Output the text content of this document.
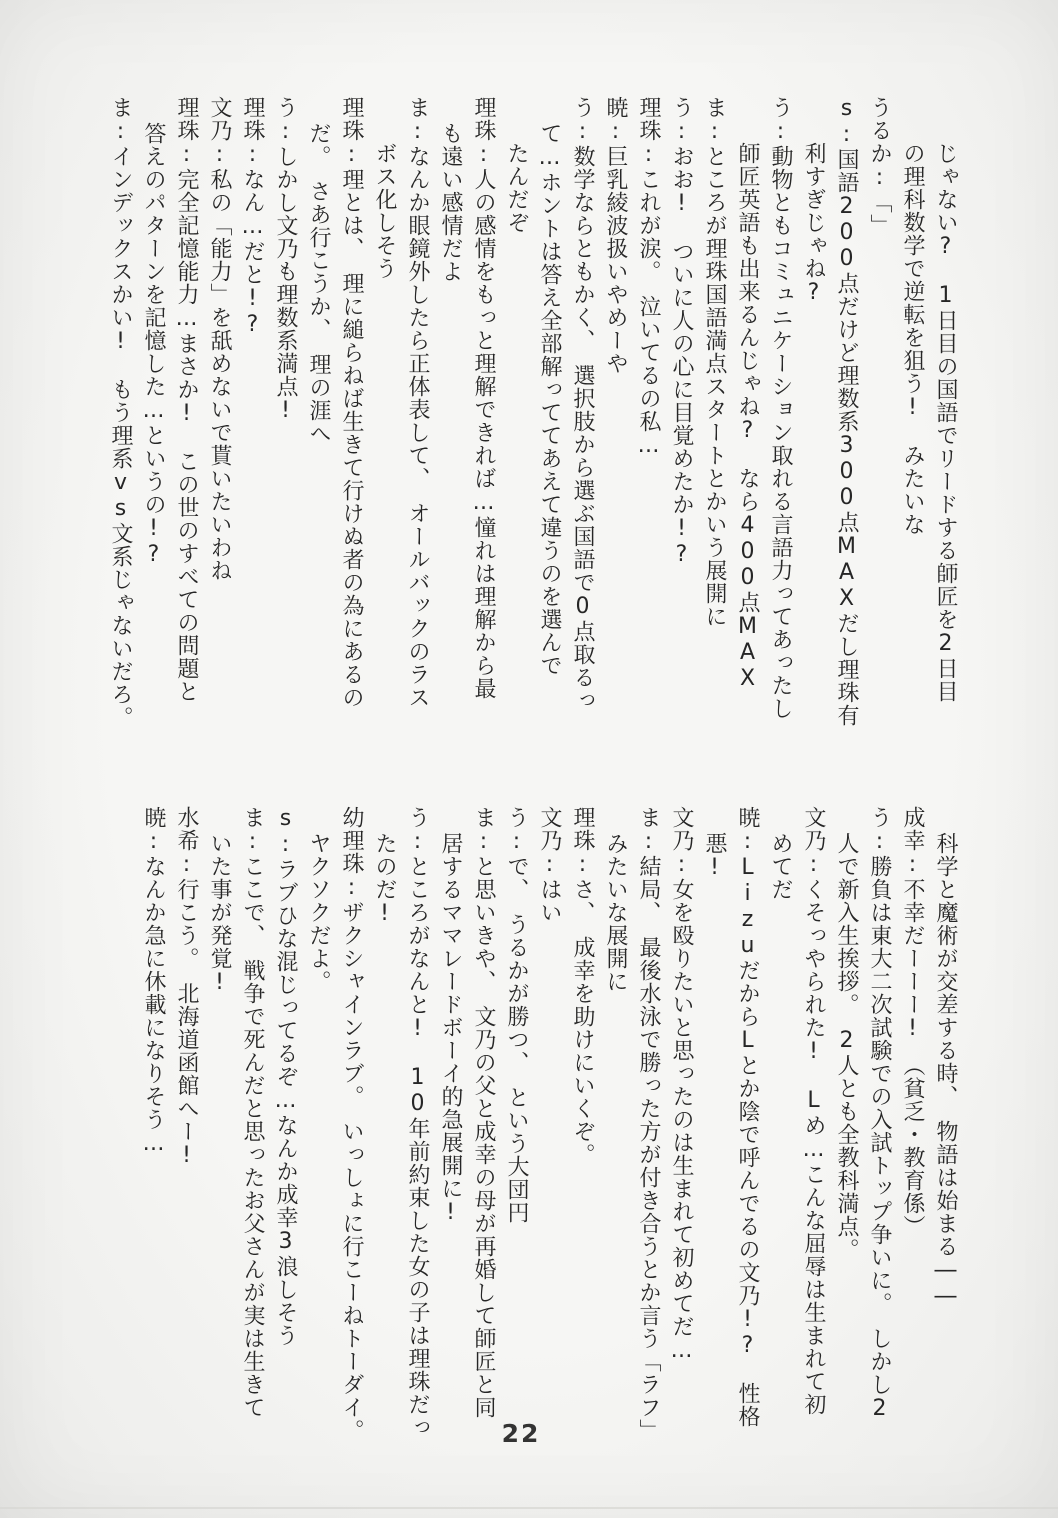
じゃない?　1日目の国語でリードする師匠を2日目
の理科数学で逆転を狙う!　みたいな
うるか:「」
s:国語200点だけど理数系300点MAXだし理珠有
利すぎじゃね?
う:動物ともコミュニケーション取れる言語力ってあったし
師匠英語も出来るんじゃね?　なら400点MAX
ま:ところが理珠国語満点スタートとかいう展開に
う:おお!　ついに人の心に目覚めたか!?
理珠:これが涙。　泣いてるの私…
暁:巨乳綾波扱いやめーや
う:数学ならともかく、　選択肢から選ぶ国語で0点取るっ
て…ホントは答え全部解っててあえて違うのを選んで
たんだぞ
理珠:人の感情をもっと理解できれば…憧れは理解から最
も遠い感情だよ
ま:なんか眼鏡外したら正体表して、　オールバックのラス
ボス化しそう
理珠:理とは、　理に縋らねば生きて行けぬ者の為にあるの
だ。　さあ行こうか、　理の涯へ
う:しかし文乃も理数系満点!
理珠:なん…だと!?
文乃:私の「能力」を舐めないで貰いたいわね
理珠:完全記憶能力…まさか!　この世のすべての問題と
答えのパターンを記憶した…というの!?
ま:インデックスかい!　もう理系vs文系じゃないだろ。
科学と魔術が交差する時、　物語は始まる――
成幸:不幸だーーー!　（貧乏・教育係）
う:勝負は東大二次試験での入試トップ争いに。　しかし2
人で新入生挨拶。　2人とも全教科満点。
文乃:くそっやられた!　Lめ…こんな屈辱は生まれて初
めてだ
暁:LizuだからLとか陰で呼んでるの文乃!?　性格
悪!
文乃:女を殴りたいと思ったのは生まれて初めてだ…
ま:結局、　最後水泳で勝った方が付き合うとか言う「ラフ」
みたいな展開に
理珠:さ、　成幸を助けにいくぞ。
文乃:はい
う:で、　うるかが勝つ、　という大団円
ま:と思いきや、　文乃の父と成幸の母が再婚して師匠と同
居するママレードボーイ的急展開に!
う:ところがなんと!　10年前約束した女の子は理珠だっ
たのだ!
幼理珠:ザクシャインラブ。　いっしょに行こーねトーダイ。
ヤクソクだよ。
s:ラブひな混じってるぞ…なんか成幸3浪しそう
ま:ここで、　戦争で死んだと思ったお父さんが実は生きて
いた事が発覚!
水希:行こう。　北海道函館へー!
暁:なんか急に休載になりそう…
22
